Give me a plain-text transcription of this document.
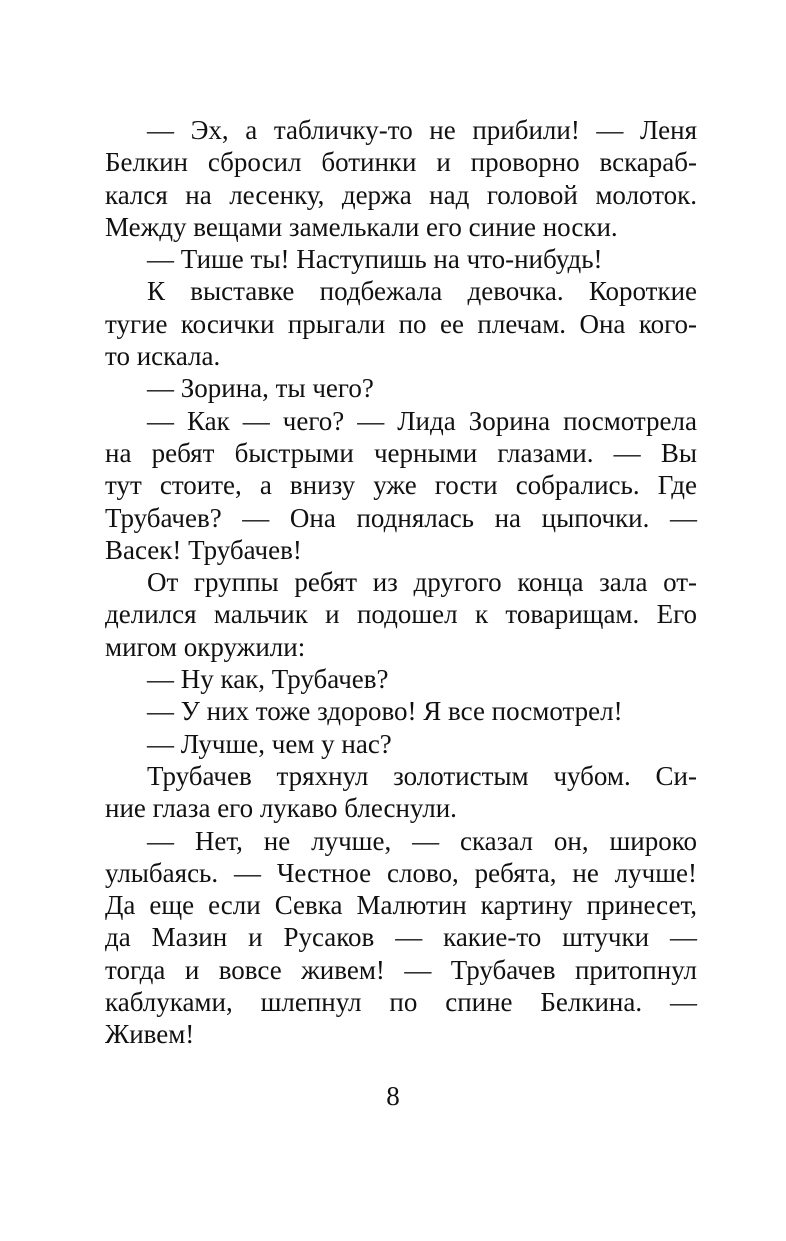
— Эх, а табличку-то не прибили! — Леня
Белкин сбросил ботинки и проворно вскараб-
кался на лесенку, держа над головой молоток.
Между вещами замелькали его синие носки.
— Тише ты! Наступишь на что-нибудь!
К выставке подбежала девочка. Короткие
тугие косички прыгали по ее плечам. Она кого-
то искала.
— Зорина, ты чего?
— Как — чего? — Лида Зорина посмотрела
на ребят быстрыми черными глазами. — Вы
тут стоите, а внизу уже гости собрались. Где
Трубачев? — Она поднялась на цыпочки. —
Васек! Трубачев!
От группы ребят из другого конца зала от-
делился мальчик и подошел к товарищам. Его
мигом окружили:
— Ну как, Трубачев?
— У них тоже здорово! Я все посмотрел!
— Лучше, чем у нас?
Трубачев тряхнул золотистым чубом. Си-
ние глаза его лукаво блеснули.
— Нет, не лучше, — сказал он, широко
улыбаясь. — Честное слово, ребята, не лучше!
Да еще если Севка Малютин картину принесет,
да Мазин и Русаков — какие-то штучки —
тогда и вовсе живем! — Трубачев притопнул
каблуками, шлепнул по спине Белкина. —
Живем!
8
